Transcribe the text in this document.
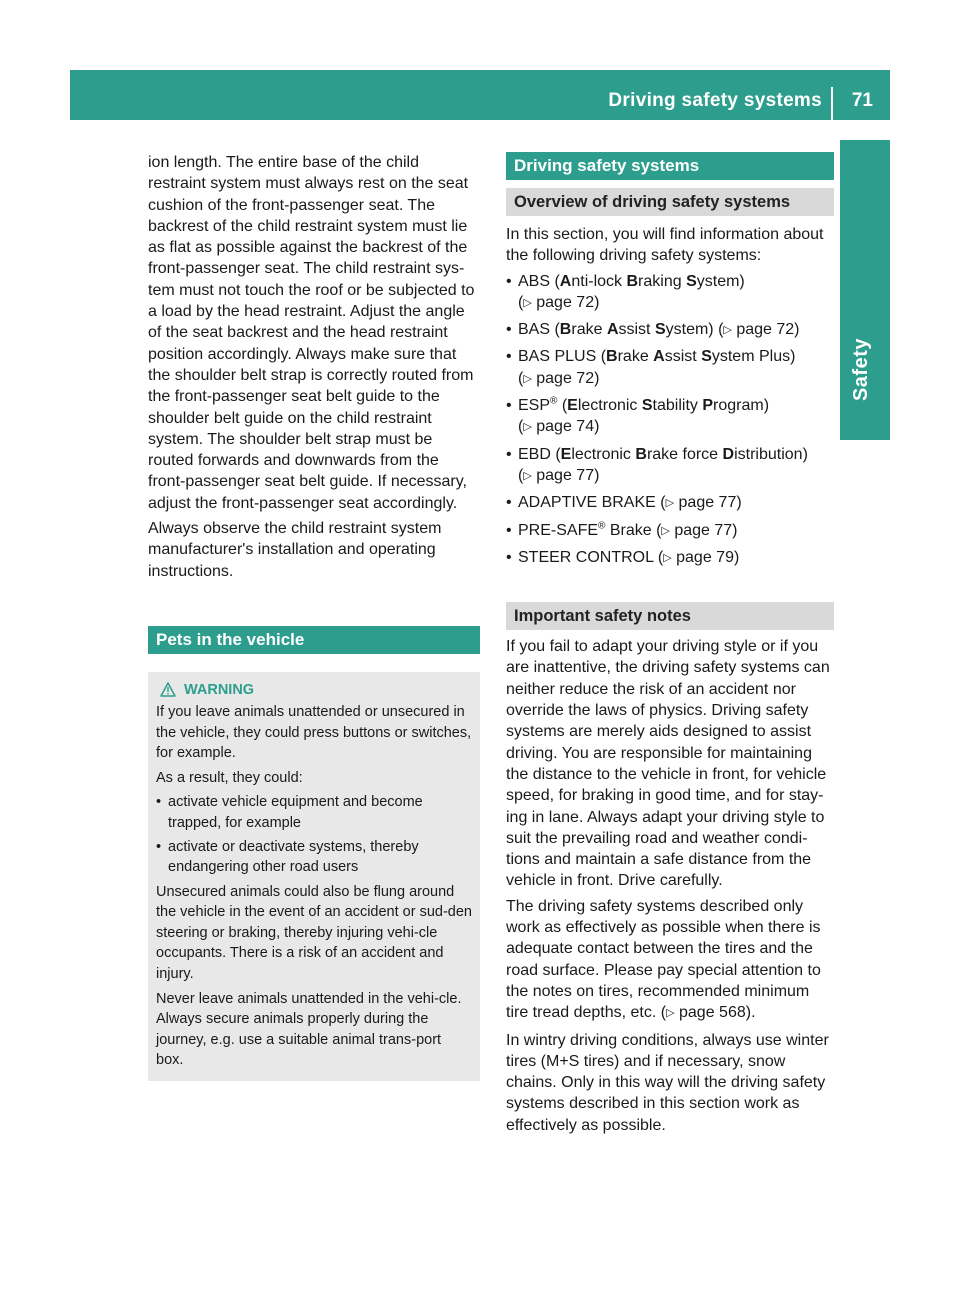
Driving safety systems 71
Safety

ion length. The entire base of the child restraint system must always rest on the seat cushion of the front-passenger seat. The backrest of the child restraint system must lie as flat as possible against the backrest of the front-passenger seat. The child restraint sys-tem must not touch the roof or be subjected to a load by the head restraint. Adjust the angle of the seat backrest and the head restraint position accordingly. Always make sure that the shoulder belt strap is correctly routed from the front-passenger seat belt guide to the shoulder belt guide on the child restraint system. The shoulder belt strap must be routed forwards and downwards from the front-passenger seat belt guide. If necessary, adjust the front-passenger seat accordingly.

Always observe the child restraint system manufacturer's installation and operating instructions.

Pets in the vehicle
WARNING

If you leave animals unattended or unsecured in the vehicle, they could press buttons or switches, for example.

As a result, they could:

• activate vehicle equipment and become trapped, for example
• activate or deactivate systems, thereby endangering other road users

Unsecured animals could also be flung around the vehicle in the event of an accident or sud-den steering or braking, thereby injuring vehi-cle occupants. There is a risk of an accident and injury.

Never leave animals unattended in the vehi-cle. Always secure animals properly during the journey, e.g. use a suitable animal trans-port box.

Driving safety systems
Overview of driving safety systems

In this section, you will find information about the following driving safety systems:

• ABS (Anti-lock Braking System)
(▷ page 72)
• BAS (Brake Assist System) (▷ page 72)
• BAS PLUS (Brake Assist System Plus)
(▷ page 72)
• ESP® (Electronic Stability Program)
(▷ page 74)
• EBD (Electronic Brake force Distribution)
(▷ page 77)
• ADAPTIVE BRAKE (▷ page 77)
• PRE-SAFE® Brake (▷ page 77)
• STEER CONTROL (▷ page 79)
Important safety notes

If you fail to adapt your driving style or if you are inattentive, the driving safety systems can neither reduce the risk of an accident nor override the laws of physics. Driving safety systems are merely aids designed to assist driving. You are responsible for maintaining the distance to the vehicle in front, for vehicle speed, for braking in good time, and for stay-ing in lane. Always adapt your driving style to suit the prevailing road and weather condi-tions and maintain a safe distance from the vehicle in front. Drive carefully.

The driving safety systems described only work as effectively as possible when there is adequate contact between the tires and the road surface. Please pay special attention to the notes on tires, recommended minimum tire tread depths, etc. (▷ page 568).

In wintry driving conditions, always use winter tires (M+S tires) and if necessary, snow chains. Only in this way will the driving safety systems described in this section work as effectively as possible.
